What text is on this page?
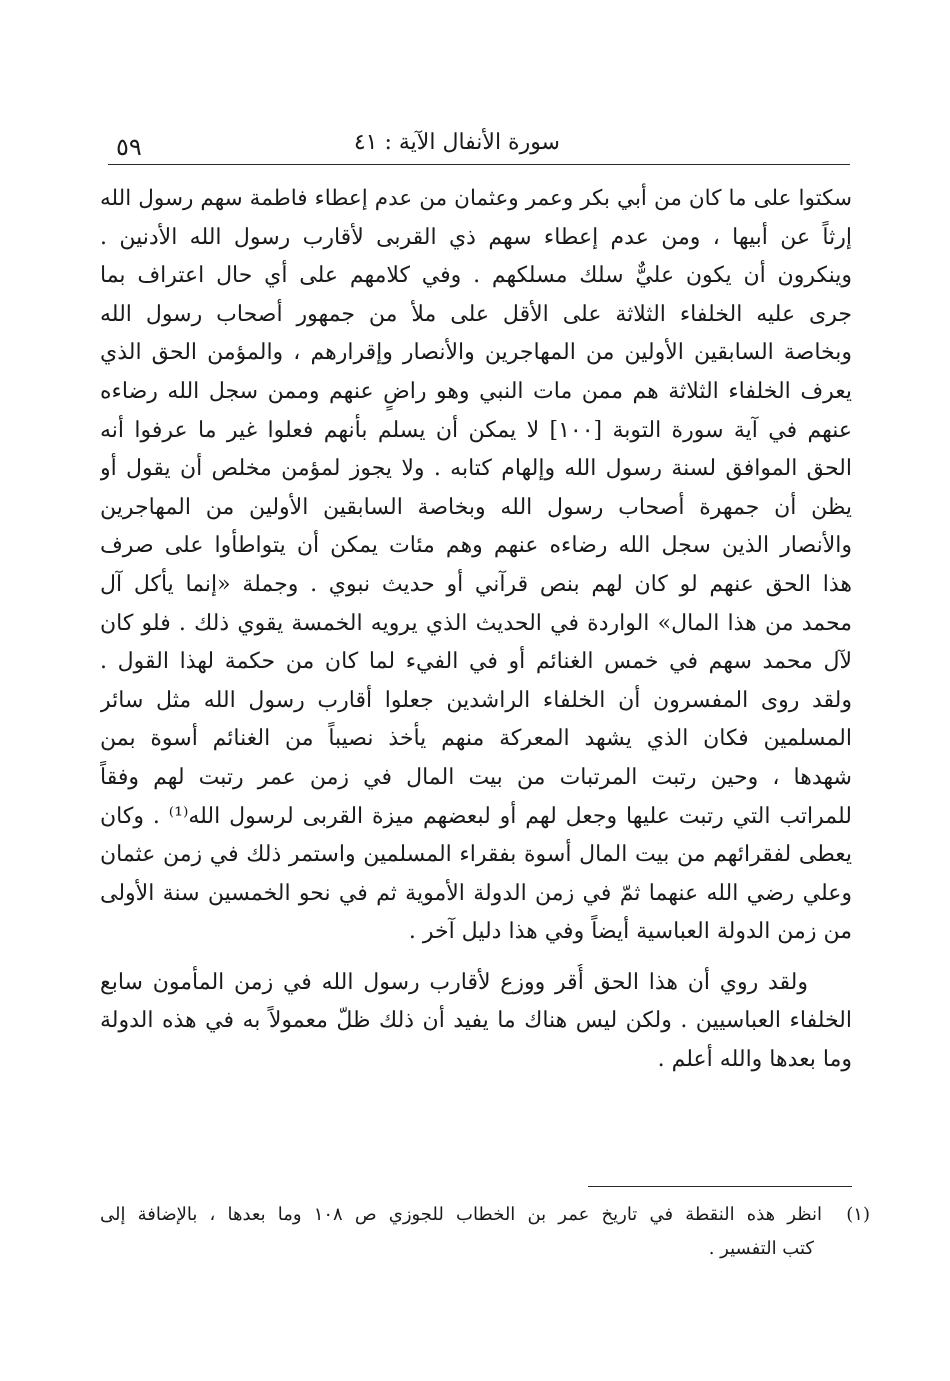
سورة الأنفال الآية : ٤١
٥٩
سكتوا على ما كان من أبي بكر وعمر وعثمان من عدم إعطاء فاطمة سهم رسول الله
إرثاً عن أبيها ، ومن عدم إعطاء سهم ذي القربى لأقارب رسول الله الأدنين .
وينكرون أن يكون عليٌّ سلك مسلكهم . وفي كلامهم على أي حال اعتراف بما
جرى عليه الخلفاء الثلاثة على الأقل على ملأ من جمهور أصحاب رسول الله
وبخاصة السابقين الأولين من المهاجرين والأنصار وإقرارهم ، والمؤمن الحق الذي
يعرف الخلفاء الثلاثة هم ممن مات النبي وهو راضٍ عنهم وممن سجل الله رضاءه
عنهم في آية سورة التوبة [١٠٠] لا يمكن أن يسلم بأنهم فعلوا غير ما عرفوا أنه
الحق الموافق لسنة رسول الله وإلهام كتابه . ولا يجوز لمؤمن مخلص أن يقول أو
يظن أن جمهرة أصحاب رسول الله وبخاصة السابقين الأولين من المهاجرين
والأنصار الذين سجل الله رضاءه عنهم وهم مئات يمكن أن يتواطأوا على صرف
هذا الحق عنهم لو كان لهم بنص قرآني أو حديث نبوي . وجملة «إنما يأكل آل
محمد من هذا المال» الواردة في الحديث الذي يرويه الخمسة يقوي ذلك . فلو كان
لآل محمد سهم في خمس الغنائم أو في الفيء لما كان من حكمة لهذا القول .
ولقد روى المفسرون أن الخلفاء الراشدين جعلوا أقارب رسول الله مثل سائر
المسلمين فكان الذي يشهد المعركة منهم يأخذ نصيباً من الغنائم أسوة بمن
شهدها ، وحين رتبت المرتبات من بيت المال في زمن عمر رتبت لهم وفقاً
للمراتب التي رتبت عليها وجعل لهم أو لبعضهم ميزة القربى لرسول الله⁽¹⁾ . وكان
يعطى لفقرائهم من بيت المال أسوة بفقراء المسلمين واستمر ذلك في زمن عثمان
وعلي رضي الله عنهما ثمّ في زمن الدولة الأموية ثم في نحو الخمسين سنة الأولى
من زمن الدولة العباسية أيضاً وفي هذا دليل آخر .
ولقد روي أن هذا الحق أُقر ووزع لأقارب رسول الله في زمن المأمون سابع
الخلفاء العباسيين . ولكن ليس هناك ما يفيد أن ذلك ظلّ معمولاً به في هذه الدولة
وما بعدها والله أعلم .
(١)  انظر هذه النقطة في تاريخ عمر بن الخطاب للجوزي ص ١٠٨ وما بعدها ، بالإضافة إلى
كتب التفسير .
